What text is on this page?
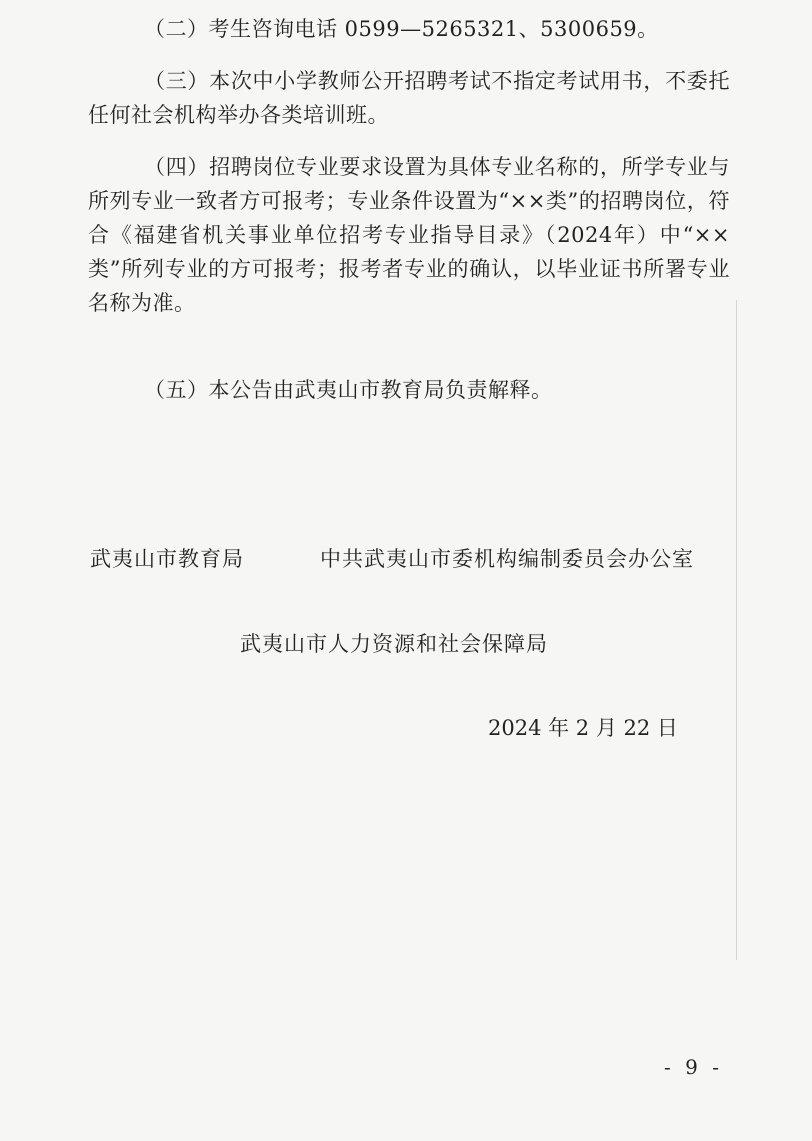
（二）考生咨询电话 0599—5265321、5300659。

（三）本次中小学教师公开招聘考试不指定考试用书，不委托任何社会机构举办各类培训班。

（四）招聘岗位专业要求设置为具体专业名称的，所学专业与所列专业一致者方可报考；专业条件设置为“××类”的招聘岗位，符合《福建省机关事业单位招考专业指导目录》（2024年）中“××类”所列专业的方可报考；报考者专业的确认，以毕业证书所署专业名称为准。

（五）本公告由武夷山市教育局负责解释。

武夷山市教育局	中共武夷山市委机构编制委员会办公室
武夷山市人力资源和社会保障局
2024 年 2 月 22 日
- 9 -
